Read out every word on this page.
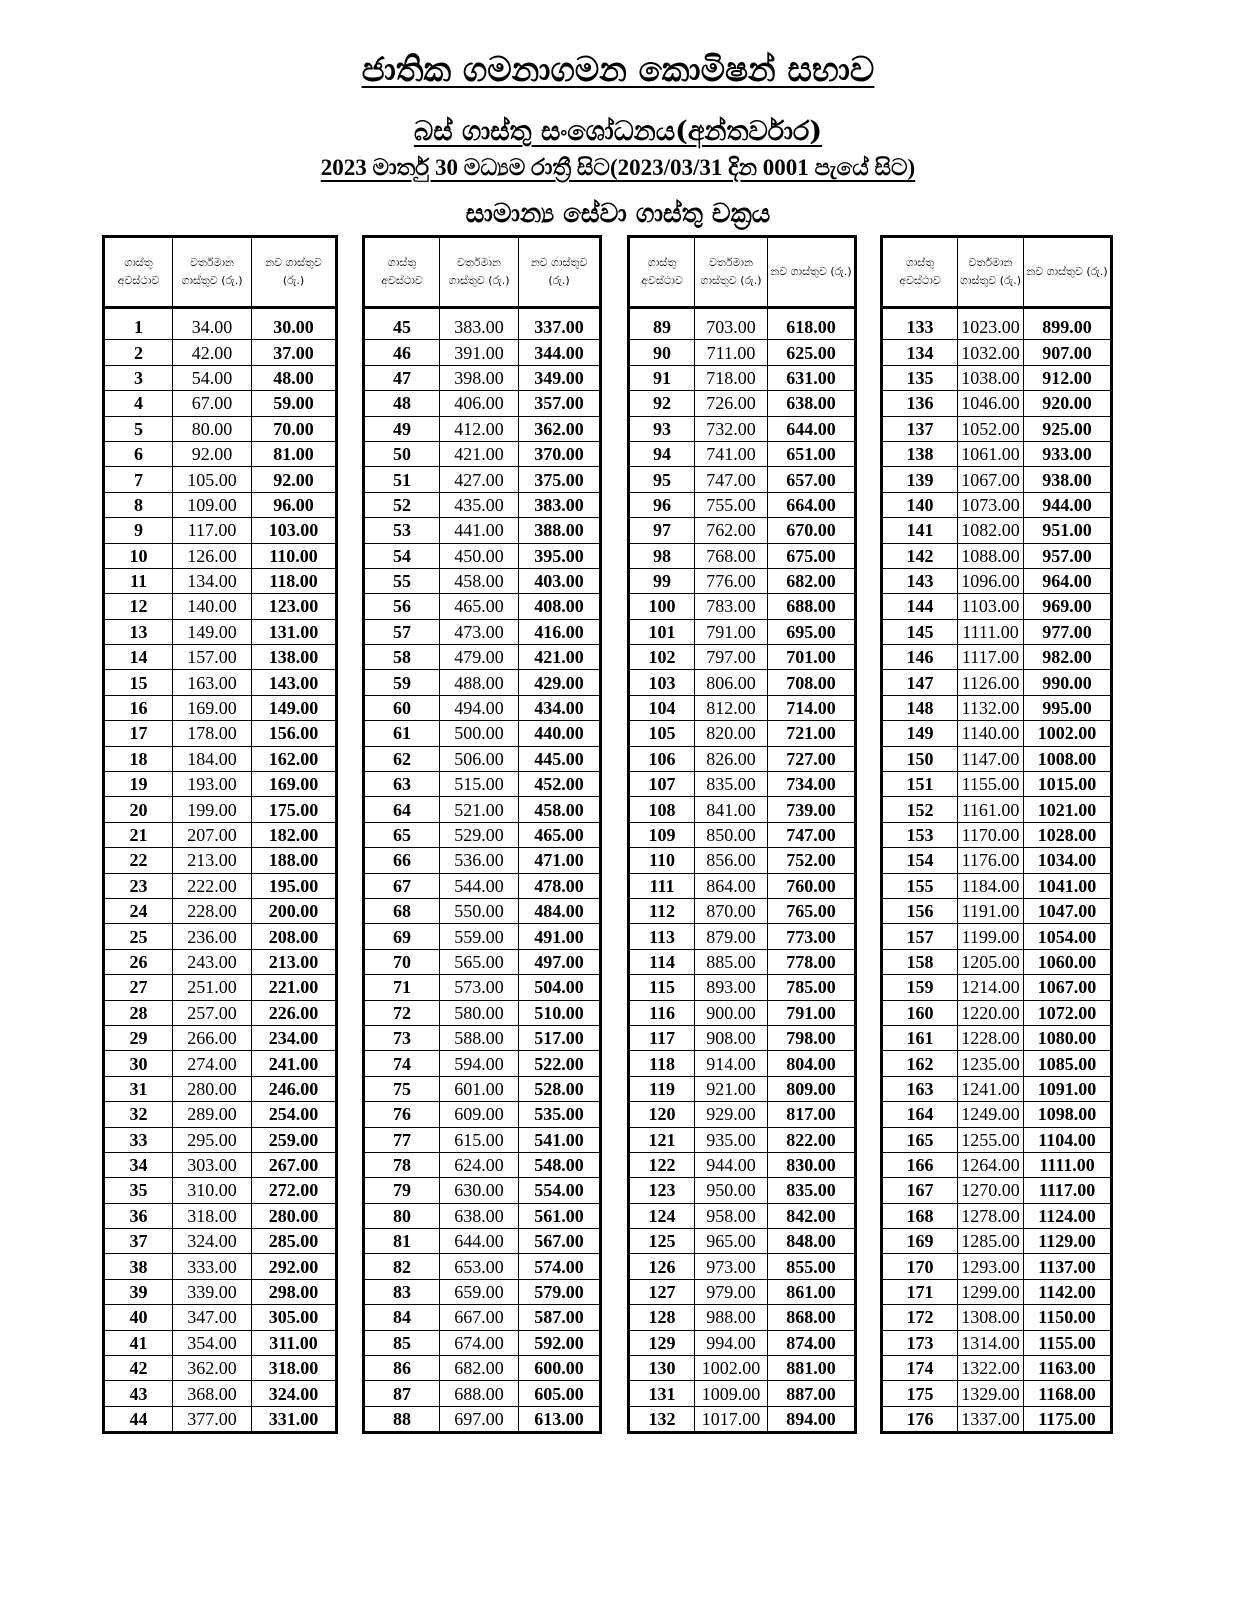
ජාතික ගමනාගමන කොමිෂන් සභාව
බස් ගාස්තු සංශෝධනය(අන්තර්වාර)
2023 මාර්තු 30 මධ්‍යම රාත්‍රී සිට(2023/03/31 දින 0001 පැයේ සිට)
සාමාන්‍ය සේවා ගාස්තු චක්‍රය
ගාස්තු අවස්ථාව	වර්තමාන ගාස්තුව (රු.)	නව ගාස්තුව (රු.)
1	34.00	30.00
2	42.00	37.00
3	54.00	48.00
4	67.00	59.00
5	80.00	70.00
6	92.00	81.00
7	105.00	92.00
8	109.00	96.00
9	117.00	103.00
10	126.00	110.00
11	134.00	118.00
12	140.00	123.00
13	149.00	131.00
14	157.00	138.00
15	163.00	143.00
16	169.00	149.00
17	178.00	156.00
18	184.00	162.00
19	193.00	169.00
20	199.00	175.00
21	207.00	182.00
22	213.00	188.00
23	222.00	195.00
24	228.00	200.00
25	236.00	208.00
26	243.00	213.00
27	251.00	221.00
28	257.00	226.00
29	266.00	234.00
30	274.00	241.00
31	280.00	246.00
32	289.00	254.00
33	295.00	259.00
34	303.00	267.00
35	310.00	272.00
36	318.00	280.00
37	324.00	285.00
38	333.00	292.00
39	339.00	298.00
40	347.00	305.00
41	354.00	311.00
42	362.00	318.00
43	368.00	324.00
44	377.00	331.00
ගාස්තු අවස්ථාව	වර්තමාන ගාස්තුව (රු.)	නව ගාස්තුව (රු.)
45	383.00	337.00
46	391.00	344.00
47	398.00	349.00
48	406.00	357.00
49	412.00	362.00
50	421.00	370.00
51	427.00	375.00
52	435.00	383.00
53	441.00	388.00
54	450.00	395.00
55	458.00	403.00
56	465.00	408.00
57	473.00	416.00
58	479.00	421.00
59	488.00	429.00
60	494.00	434.00
61	500.00	440.00
62	506.00	445.00
63	515.00	452.00
64	521.00	458.00
65	529.00	465.00
66	536.00	471.00
67	544.00	478.00
68	550.00	484.00
69	559.00	491.00
70	565.00	497.00
71	573.00	504.00
72	580.00	510.00
73	588.00	517.00
74	594.00	522.00
75	601.00	528.00
76	609.00	535.00
77	615.00	541.00
78	624.00	548.00
79	630.00	554.00
80	638.00	561.00
81	644.00	567.00
82	653.00	574.00
83	659.00	579.00
84	667.00	587.00
85	674.00	592.00
86	682.00	600.00
87	688.00	605.00
88	697.00	613.00
ගාස්තු අවස්ථාව	වර්තමාන ගාස්තුව (රු.)	නව ගාස්තුව (රු.)
89	703.00	618.00
90	711.00	625.00
91	718.00	631.00
92	726.00	638.00
93	732.00	644.00
94	741.00	651.00
95	747.00	657.00
96	755.00	664.00
97	762.00	670.00
98	768.00	675.00
99	776.00	682.00
100	783.00	688.00
101	791.00	695.00
102	797.00	701.00
103	806.00	708.00
104	812.00	714.00
105	820.00	721.00
106	826.00	727.00
107	835.00	734.00
108	841.00	739.00
109	850.00	747.00
110	856.00	752.00
111	864.00	760.00
112	870.00	765.00
113	879.00	773.00
114	885.00	778.00
115	893.00	785.00
116	900.00	791.00
117	908.00	798.00
118	914.00	804.00
119	921.00	809.00
120	929.00	817.00
121	935.00	822.00
122	944.00	830.00
123	950.00	835.00
124	958.00	842.00
125	965.00	848.00
126	973.00	855.00
127	979.00	861.00
128	988.00	868.00
129	994.00	874.00
130	1002.00	881.00
131	1009.00	887.00
132	1017.00	894.00
ගාස්තු අවස්ථාව	වර්තමාන ගාස්තුව (රු.)	නව ගාස්තුව (රු.)
133	1023.00	899.00
134	1032.00	907.00
135	1038.00	912.00
136	1046.00	920.00
137	1052.00	925.00
138	1061.00	933.00
139	1067.00	938.00
140	1073.00	944.00
141	1082.00	951.00
142	1088.00	957.00
143	1096.00	964.00
144	1103.00	969.00
145	1111.00	977.00
146	1117.00	982.00
147	1126.00	990.00
148	1132.00	995.00
149	1140.00	1002.00
150	1147.00	1008.00
151	1155.00	1015.00
152	1161.00	1021.00
153	1170.00	1028.00
154	1176.00	1034.00
155	1184.00	1041.00
156	1191.00	1047.00
157	1199.00	1054.00
158	1205.00	1060.00
159	1214.00	1067.00
160	1220.00	1072.00
161	1228.00	1080.00
162	1235.00	1085.00
163	1241.00	1091.00
164	1249.00	1098.00
165	1255.00	1104.00
166	1264.00	1111.00
167	1270.00	1117.00
168	1278.00	1124.00
169	1285.00	1129.00
170	1293.00	1137.00
171	1299.00	1142.00
172	1308.00	1150.00
173	1314.00	1155.00
174	1322.00	1163.00
175	1329.00	1168.00
176	1337.00	1175.00
